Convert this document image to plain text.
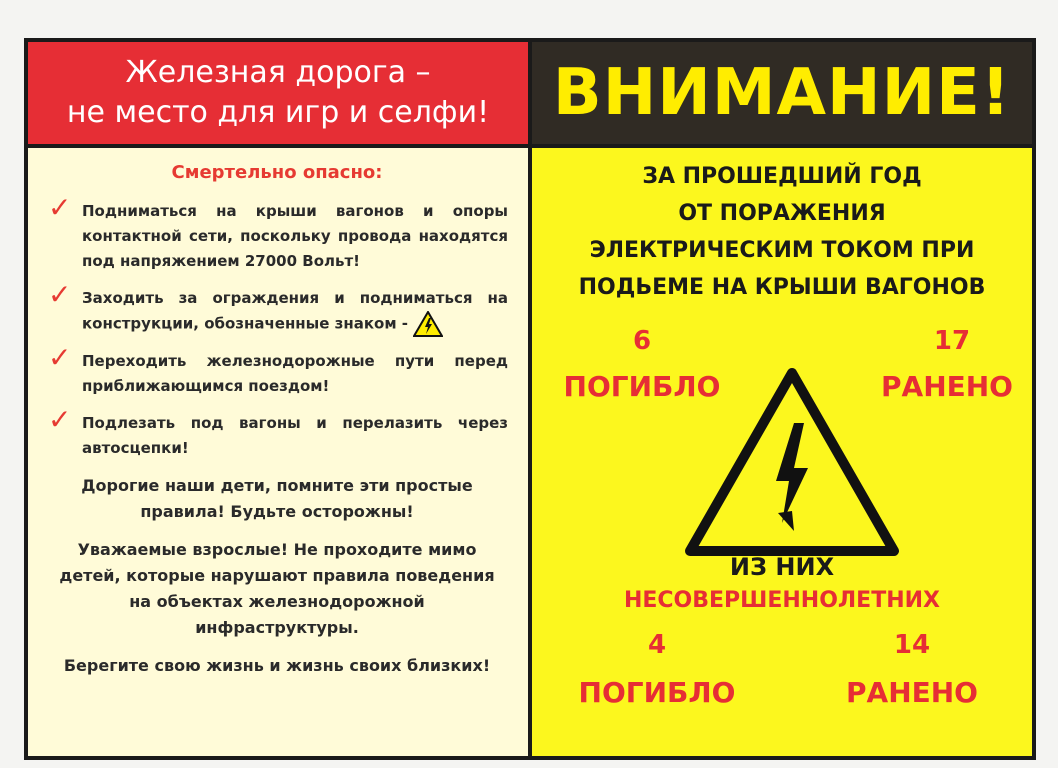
Железная дорога –
не место для игр и селфи! ВНИМАНИЕ!
Смертельно опасно:
✓ Подниматься на крыши вагонов и опоры контактной сети, поскольку провода находятся под напряжением 27000 Вольт!
✓ Заходить за ограждения и подниматься на конструкции, обозначенные знаком -
✓ Переходить железнодорожные пути перед приближающимся поездом!
✓ Подлезать под вагоны и перелазить через автосцепки!
Дорогие наши дети, помните эти простые правила! Будьте осторожны!
Уважаемые взрослые! Не проходите мимо детей, которые нарушают правила поведения на объектах железнодорожной инфраструктуры.
Берегите свою жизнь и жизнь своих близких!
ЗА ПРОШЕДШИЙ ГОД
ОТ ПОРАЖЕНИЯ
ЭЛЕКТРИЧЕСКИМ ТОКОМ ПРИ
ПОДЬЕМЕ НА КРЫШИ ВАГОНОВ
6
ПОГИБЛО
17
РАНЕНО
ИЗ НИХ
НЕСОВЕРШЕННОЛЕТНИХ
4
ПОГИБЛО
14
РАНЕНО
